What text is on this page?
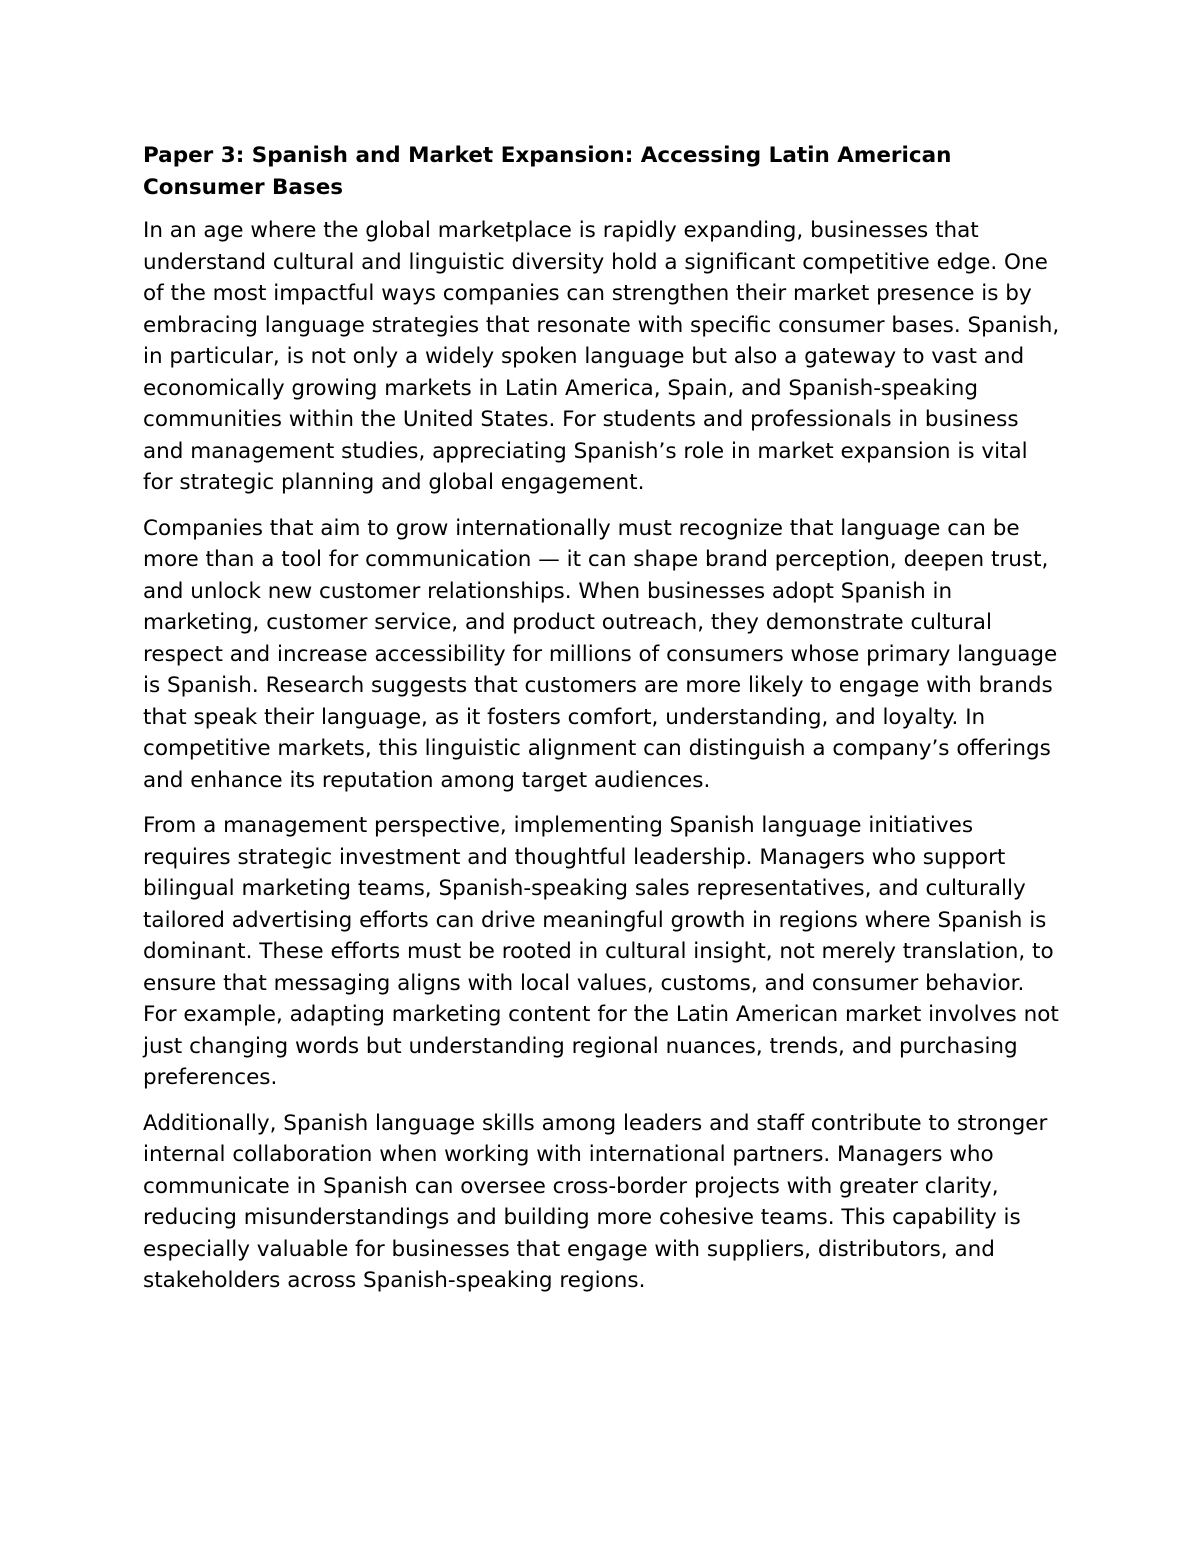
Paper 3: Spanish and Market Expansion: Accessing Latin American Consumer Bases

In an age where the global marketplace is rapidly expanding, businesses that understand cultural and linguistic diversity hold a significant competitive edge. One of the most impactful ways companies can strengthen their market presence is by embracing language strategies that resonate with specific consumer bases. Spanish, in particular, is not only a widely spoken language but also a gateway to vast and economically growing markets in Latin America, Spain, and Spanish-speaking communities within the United States. For students and professionals in business and management studies, appreciating Spanish’s role in market expansion is vital for strategic planning and global engagement.

Companies that aim to grow internationally must recognize that language can be more than a tool for communication — it can shape brand perception, deepen trust, and unlock new customer relationships. When businesses adopt Spanish in marketing, customer service, and product outreach, they demonstrate cultural respect and increase accessibility for millions of consumers whose primary language is Spanish. Research suggests that customers are more likely to engage with brands that speak their language, as it fosters comfort, understanding, and loyalty. In competitive markets, this linguistic alignment can distinguish a company’s offerings and enhance its reputation among target audiences.

From a management perspective, implementing Spanish language initiatives requires strategic investment and thoughtful leadership. Managers who support bilingual marketing teams, Spanish-speaking sales representatives, and culturally tailored advertising efforts can drive meaningful growth in regions where Spanish is dominant. These efforts must be rooted in cultural insight, not merely translation, to ensure that messaging aligns with local values, customs, and consumer behavior. For example, adapting marketing content for the Latin American market involves not just changing words but understanding regional nuances, trends, and purchasing preferences.

Additionally, Spanish language skills among leaders and staff contribute to stronger internal collaboration when working with international partners. Managers who communicate in Spanish can oversee cross-border projects with greater clarity, reducing misunderstandings and building more cohesive teams. This capability is especially valuable for businesses that engage with suppliers, distributors, and stakeholders across Spanish-speaking regions.
